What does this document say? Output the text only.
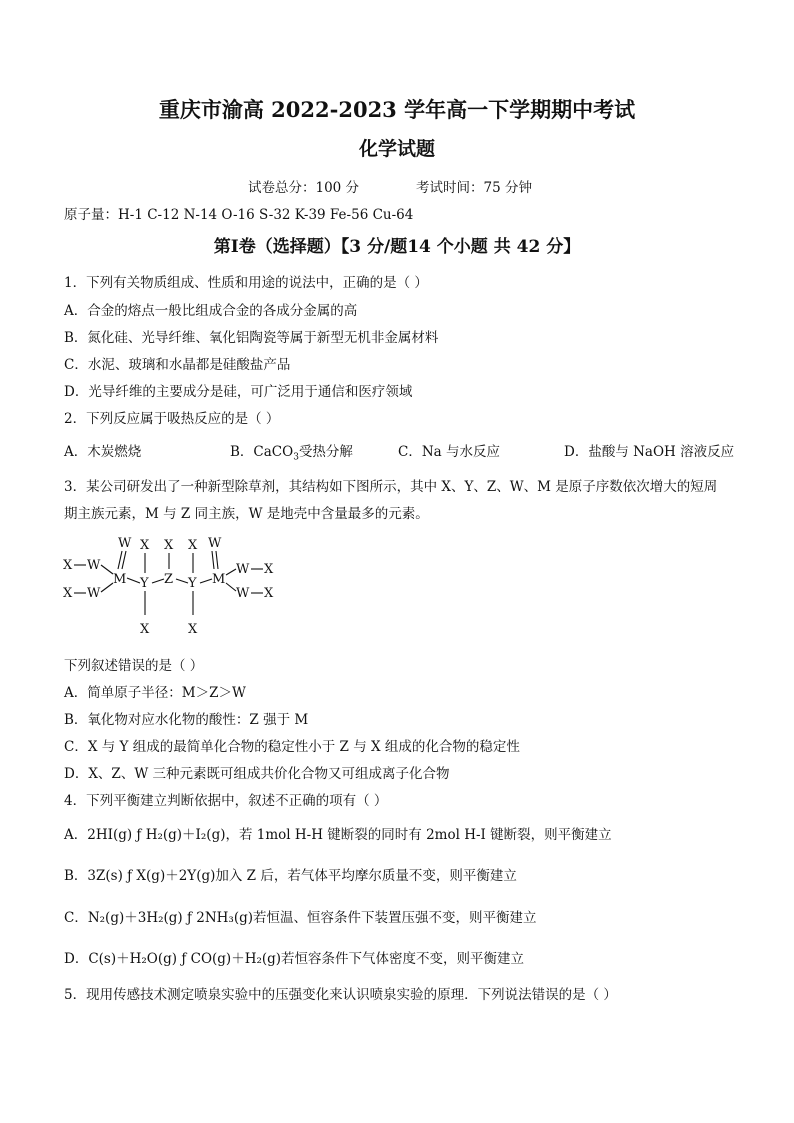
重庆市渝高 2022-2023 学年高一下学期期中考试
化学试题
试卷总分：100 分	考试时间：75 分钟
原子量：H-1 C-12 N-14 O-16 S-32 K-39 Fe-56 Cu-64
第Ⅰ卷（选择题）【3 分/题14 个小题 共 42 分】
1．下列有关物质组成、性质和用途的说法中，正确的是（ ）
A．合金的熔点一般比组成合金的各成分金属的高
B．氮化硅、光导纤维、氧化铝陶瓷等属于新型无机非金属材料
C．水泥、玻璃和水晶都是硅酸盐产品
D．光导纤维的主要成分是硅，可广泛用于通信和医疗领域
2．下列反应属于吸热反应的是（ ）
A．木炭燃烧	B．CaCO$_3$受热分解	C．Na 与水反应	D．盐酸与 NaOH 溶液反应
3．某公司研发出了一种新型除草剂，其结构如下图所示，其中 X、Y、Z、W、M 是原子序数依次增大的短周
期主族元素，M 与 Z 同主族，W 是地壳中含量最多的元素。
X W
X W
M
W
Y
X
X
Z
X
Y
X
X
M
W
W X
W X
下列叙述错误的是（ ）
A．简单原子半径：M＞Z＞W
B．氧化物对应水化物的酸性：Z 强于 M
C．X 与 Y 组成的最简单化合物的稳定性小于 Z 与 X 组成的化合物的稳定性
D．X、Z、W 三种元素既可组成共价化合物又可组成离子化合物
4．下列平衡建立判断依据中，叙述不正确的项有（ ）
A．2HI(g) ƒ H₂(g)＋I₂(g)，若 1mol H-H 键断裂的同时有 2mol H-I 键断裂，则平衡建立
B．3Z(s) ƒ X(g)＋2Y(g)加入 Z 后，若气体平均摩尔质量不变，则平衡建立
C．N₂(g)＋3H₂(g) ƒ 2NH₃(g)若恒温、恒容条件下装置压强不变，则平衡建立
D．C(s)＋H₂O(g) ƒ CO(g)＋H₂(g)若恒容条件下气体密度不变，则平衡建立
5．现用传感技术测定喷泉实验中的压强变化来认识喷泉实验的原理．下列说法错误的是（ ）
